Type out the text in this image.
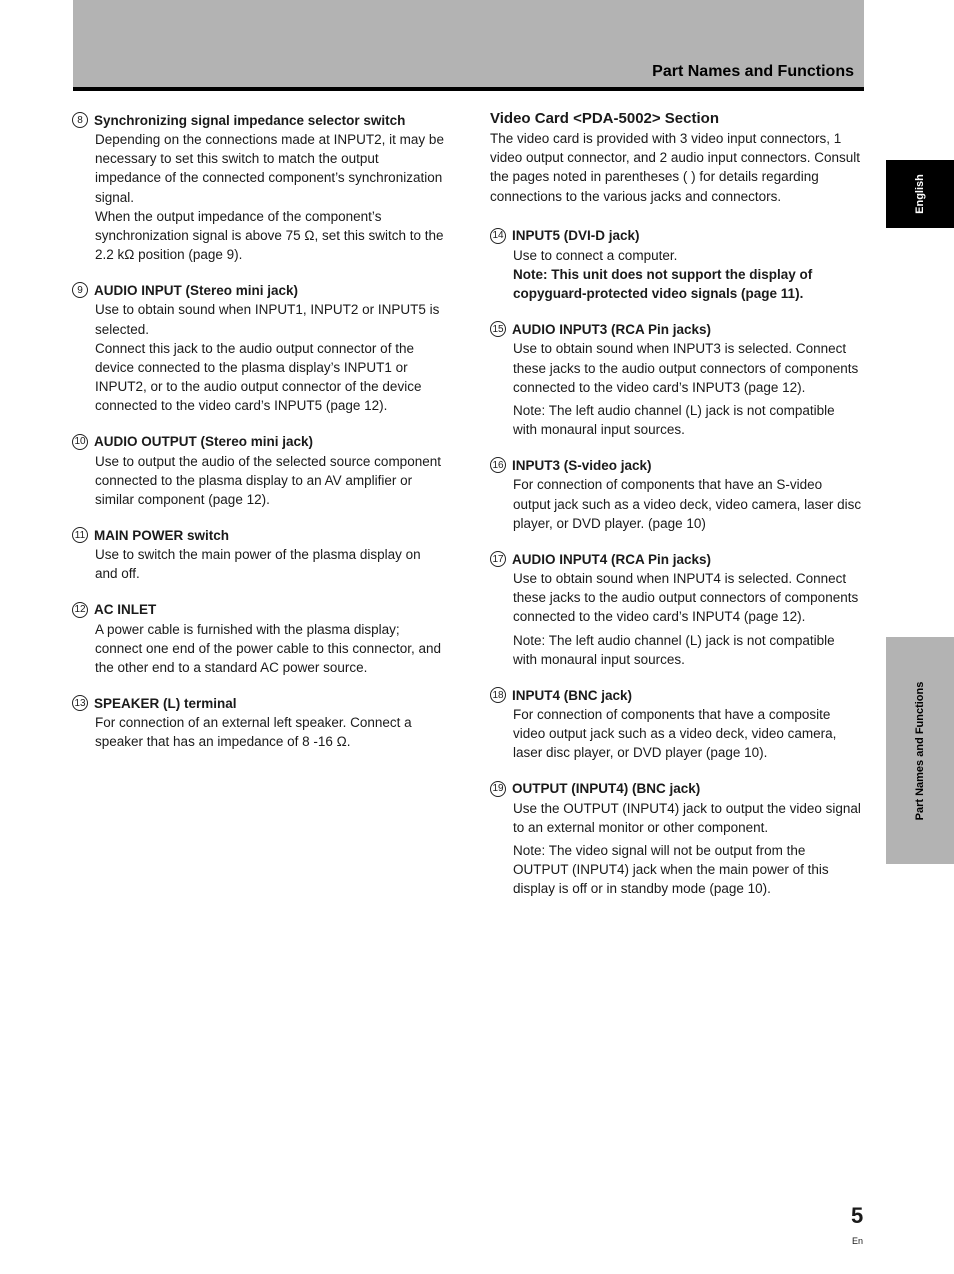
Part Names and Functions
English
Part Names and Functions
8 Synchronizing signal impedance selector switch

Depending on the connections made at INPUT2, it may be necessary to set this switch to match the output impedance of the connected component’s synchronization signal.

When the output impedance of the component’s synchronization signal is above 75 Ω, set this switch to the 2.2 kΩ position (page 9).

9 AUDIO INPUT (Stereo mini jack)

Use to obtain sound when INPUT1, INPUT2 or INPUT5 is selected.

Connect this jack to the audio output connector of the device connected to the plasma display’s INPUT1 or INPUT2, or to the audio output connector of the device connected to the video card’s INPUT5 (page 12).

10 AUDIO OUTPUT (Stereo mini jack)

Use to output the audio of the selected source component connected to the plasma display to an AV amplifier or similar component (page 12).

11 MAIN POWER switch

Use to switch the main power of the plasma display on and off.

12 AC INLET

A power cable is furnished with the plasma display; connect one end of the power cable to this connector, and the other end to a standard AC power source.

13 SPEAKER (L) terminal

For connection of an external left speaker. Connect a speaker that has an impedance of 8 -16 Ω.

Video Card <PDA-5002> Section

The video card is provided with 3 video input connectors, 1 video output connector, and 2 audio input connectors. Consult the pages noted in parentheses ( ) for details regarding connections to the various jacks and connectors.

14 INPUT5 (DVI-D jack)

Use to connect a computer.

Note: This unit does not support the display of copyguard-protected video signals (page 11).

15 AUDIO INPUT3 (RCA Pin jacks)

Use to obtain sound when INPUT3 is selected. Connect these jacks to the audio output connectors of components connected to the video card’s INPUT3 (page 12).

Note: The left audio channel (L) jack is not compatible with monaural input sources.

16 INPUT3 (S-video jack)

For connection of components that have an S-video output jack such as a video deck, video camera, laser disc player, or DVD player. (page 10)

17 AUDIO INPUT4 (RCA Pin jacks)

Use to obtain sound when INPUT4 is selected. Connect these jacks to the audio output connectors of components connected to the video card’s INPUT4 (page 12).

Note: The left audio channel (L) jack is not compatible with monaural input sources.

18 INPUT4 (BNC jack)

For connection of components that have a composite video output jack such as a video deck, video camera, laser disc player, or DVD player (page 10).

19 OUTPUT (INPUT4) (BNC jack)

Use the OUTPUT (INPUT4) jack to output the video signal to an external monitor or other component.

Note: The video signal will not be output from the OUTPUT (INPUT4) jack when the main power of this display is off or in standby mode (page 10).

5
En
